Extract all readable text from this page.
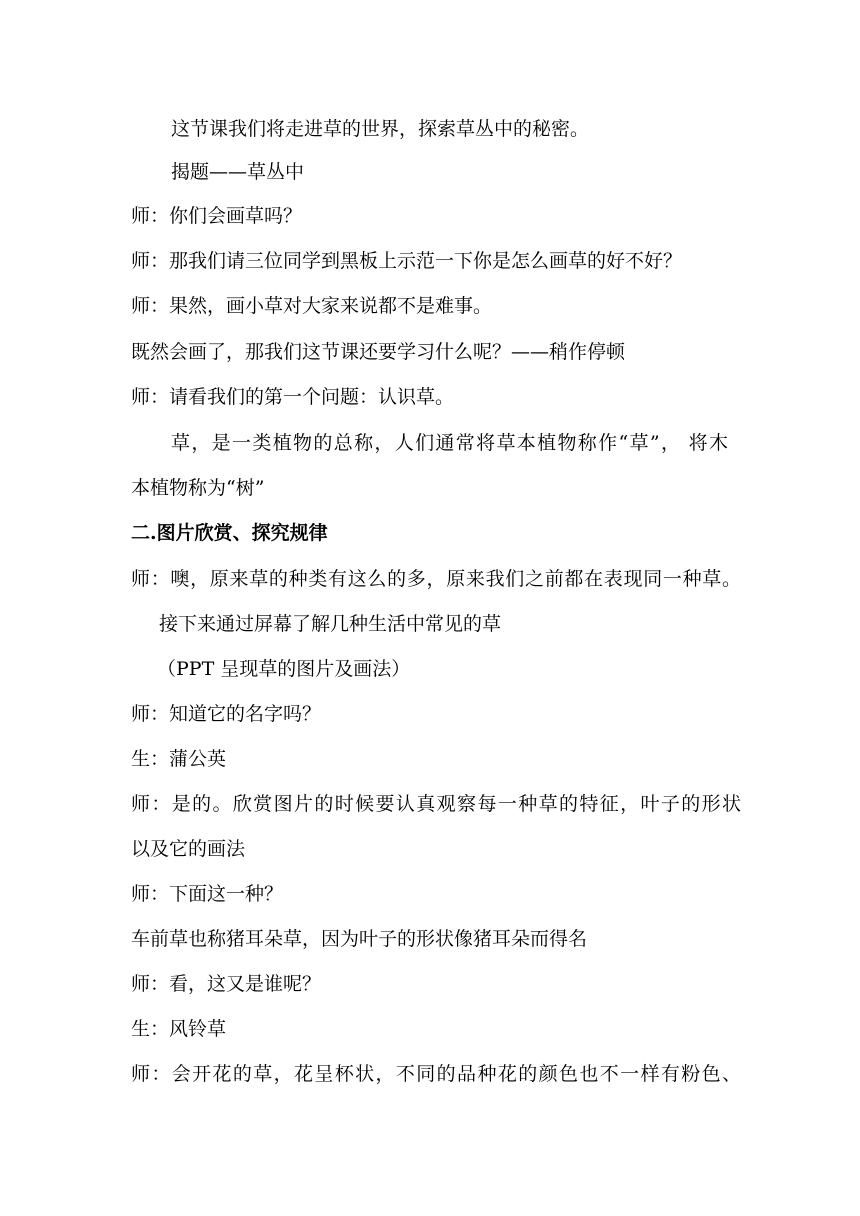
这节课我们将走进草的世界，探索草丛中的秘密。
揭题——草丛中
师：你们会画草吗？
师：那我们请三位同学到黑板上示范一下你是怎么画草的好不好？
师：果然，画小草对大家来说都不是难事。
既然会画了，那我们这节课还要学习什么呢？——稍作停顿
师：请看我们的第一个问题：认识草。
草，是一类植物的总称，人们通常将草本植物称作“草”， 将木
本植物称为“树”
二.图片欣赏、探究规律
师：噢，原来草的种类有这么的多，原来我们之前都在表现同一种草。
接下来通过屏幕了解几种生活中常见的草
（PPT 呈现草的图片及画法）
师：知道它的名字吗？
生：蒲公英
师：是的。欣赏图片的时候要认真观察每一种草的特征，叶子的形状
以及它的画法
师：下面这一种？
车前草也称猪耳朵草，因为叶子的形状像猪耳朵而得名
师：看，这又是谁呢？
生：风铃草
师：会开花的草，花呈杯状，不同的品种花的颜色也不一样有粉色、
